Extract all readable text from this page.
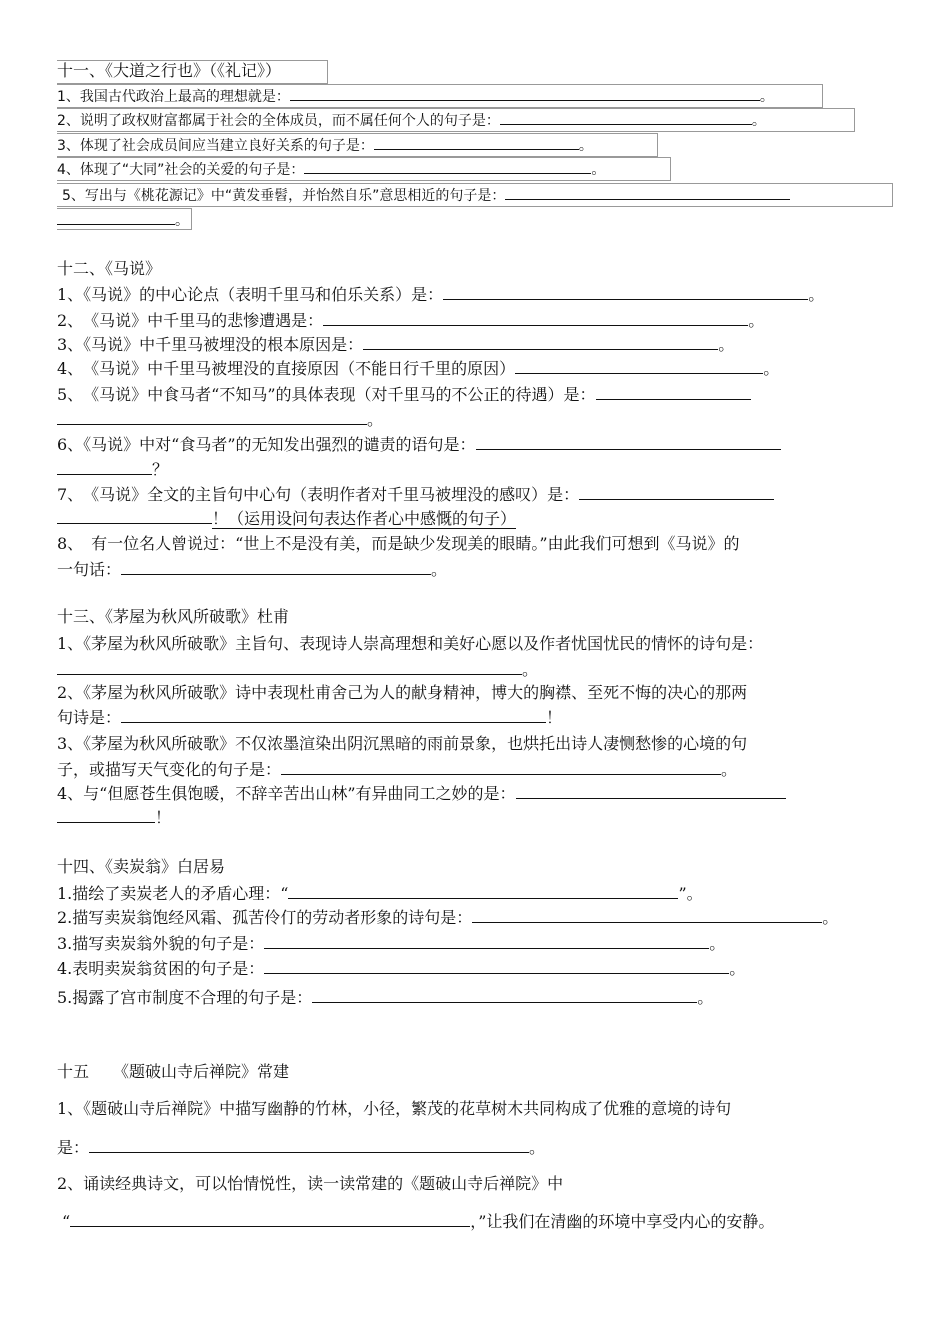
十一、《大道之行也》（《礼记》）
1、我国古代政治上最高的理想就是：	。
2、说明了政权财富都属于社会的全体成员，而不属任何个人的句子是：	。
3、体现了社会成员间应当建立良好关系的句子是：	。
4、体现了“大同”社会的关爱的句子是：	。
5、写出与《桃花源记》中“黄发垂髫，并怡然自乐”意思相近的句子是：
。
十二、《马说》
1、《马说》的中心论点（表明千里马和伯乐关系）是：	。
2、　《马说》中千里马的悲惨遭遇是：	。
3、《马说》中千里马被埋没的根本原因是：	。
4、　《马说》中千里马被埋没的直接原因（不能日行千里的原因）	。
5、　《马说》中食马者“不知马”的具体表现（对千里马的不公正的待遇）是：
。
6、《马说》中对“食马者”的无知发出强烈的谴责的语句是：
？
7、　《马说》全文的主旨句中心句（表明作者对千里马被埋没的感叹）是：
！（运用设问句表达作者心中感慨的句子）
8、　有一位名人曾说过：“世上不是没有美，而是缺少发现美的眼睛。”由此我们可想到《马说》的
一句话：	。
十三、《茅屋为秋风所破歌》杜甫
1、《茅屋为秋风所破歌》主旨句、表现诗人崇高理想和美好心愿以及作者忧国忧民的情怀的诗句是：
。
2、《茅屋为秋风所破歌》诗中表现杜甫舍己为人的献身精神，博大的胸襟、至死不悔的决心的那两
句诗是：	！
3、《茅屋为秋风所破歌》不仅浓墨渲染出阴沉黑暗的雨前景象，也烘托出诗人凄恻愁惨的心境的句
子，或描写天气变化的句子是：	。
4、与“但愿苍生俱饱暖，不辞辛苦出山林”有异曲同工之妙的是：
！
十四、《卖炭翁》白居易
1.描绘了卖炭老人的矛盾心理：“	”。
2.描写卖炭翁饱经风霜、孤苦伶仃的劳动者形象的诗句是：	。
3.描写卖炭翁外貌的句子是：	。
4.表明卖炭翁贫困的句子是：	。
5.揭露了宫市制度不合理的句子是：	。
十五　　《题破山寺后禅院》常建
1、《题破山寺后禅院》中描写幽静的竹林，小径，繁茂的花草树木共同构成了优雅的意境的诗句
是：	。
2、诵读经典诗文，可以怡情悦性，读一读常建的《题破山寺后禅院》中
“	，”让我们在清幽的环境中享受内心的安静。
